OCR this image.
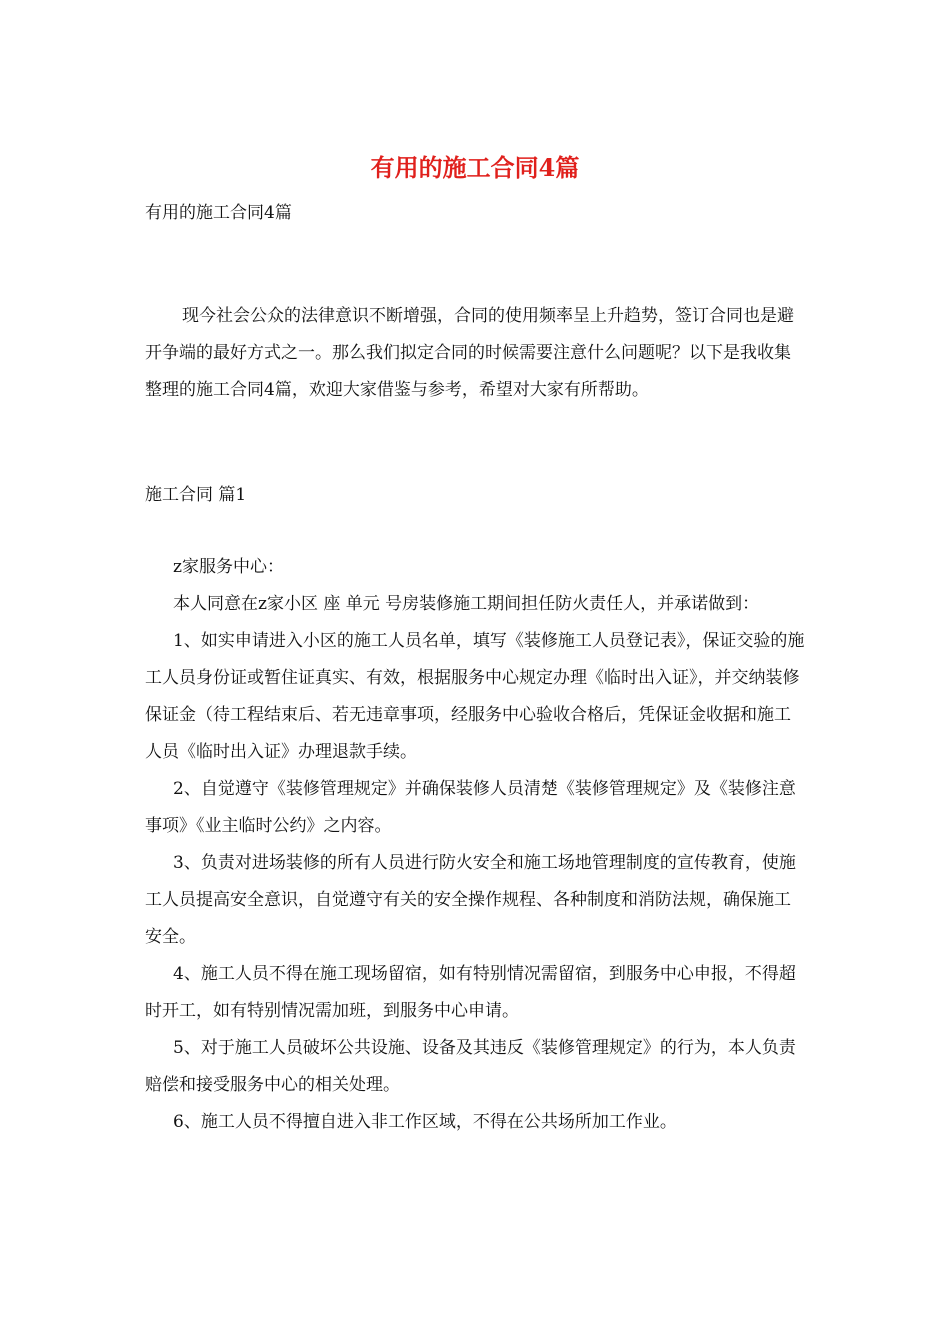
有用的施工合同4篇

有用的施工合同4篇

现今社会公众的法律意识不断增强，合同的使用频率呈上升趋势，签订合同也是避开争端的最好方式之一。那么我们拟定合同的时候需要注意什么问题呢？以下是我收集整理的施工合同4篇，欢迎大家借鉴与参考，希望对大家有所帮助。

施工合同 篇1

z家服务中心：

本人同意在z家小区 座 单元 号房装修施工期间担任防火责任人，并承诺做到：

1、如实申请进入小区的施工人员名单，填写《装修施工人员登记表》，保证交验的施工人员身份证或暂住证真实、有效，根据服务中心规定办理《临时出入证》，并交纳装修保证金（待工程结束后、若无违章事项，经服务中心验收合格后，凭保证金收据和施工人员《临时出入证》办理退款手续。

2、自觉遵守《装修管理规定》并确保装修人员清楚《装修管理规定》及《装修注意事项》《业主临时公约》之内容。

3、负责对进场装修的所有人员进行防火安全和施工场地管理制度的宣传教育，使施工人员提高安全意识，自觉遵守有关的安全操作规程、各种制度和消防法规，确保施工安全。

4、施工人员不得在施工现场留宿，如有特别情况需留宿，到服务中心申报，不得超时开工，如有特别情况需加班，到服务中心申请。

5、对于施工人员破坏公共设施、设备及其违反《装修管理规定》的行为，本人负责赔偿和接受服务中心的相关处理。

6、施工人员不得擅自进入非工作区域，不得在公共场所加工作业。
